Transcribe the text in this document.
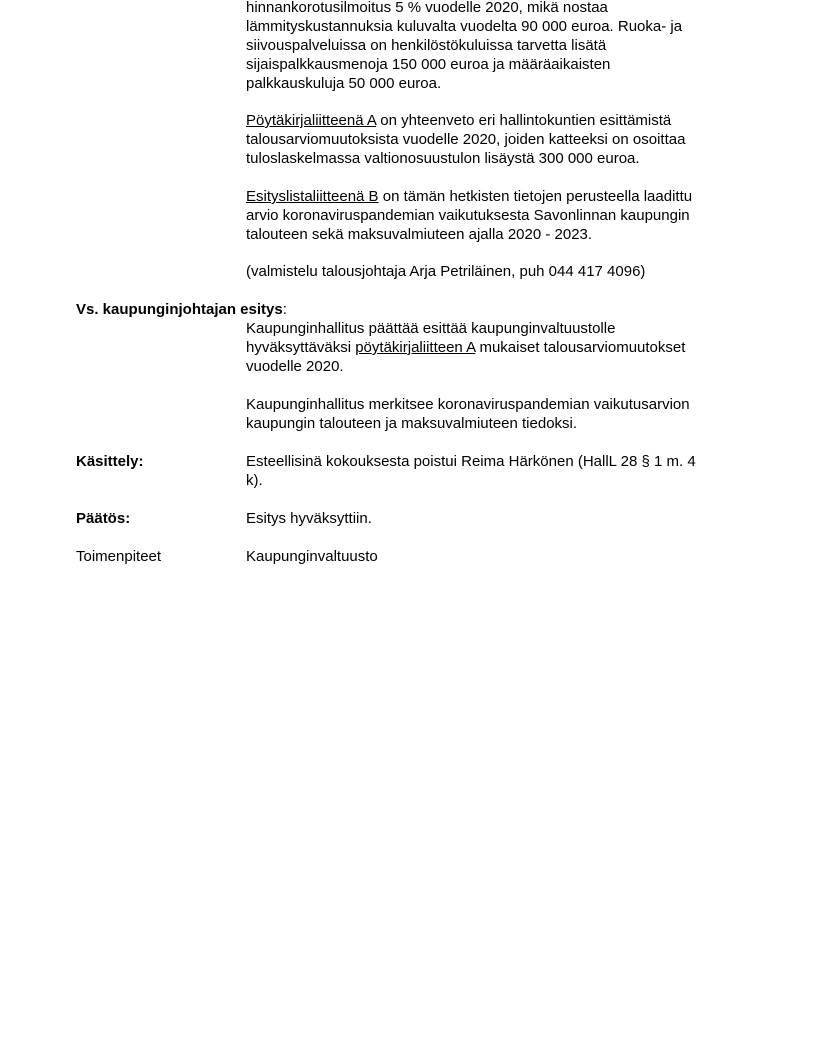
hinnankorotusilmoitus 5 % vuodelle 2020, mikä nostaa
lämmityskustannuksia kuluvalta vuodelta 90 000 euroa. Ruoka- ja
siivouspalveluissa on henkilöstökuluissa tarvetta lisätä
sijaispalkkausmenoja 150 000 euroa ja määräaikaisten
palkkauskuluja 50 000 euroa.
Pöytäkirjaliitteenä A on yhteenveto eri hallintokuntien esittämistä
talousarviomuutoksista vuodelle 2020, joiden katteeksi on osoittaa
tuloslaskelmassa valtionosuustulon lisäystä 300 000 euroa.
Esityslistaliitteenä B on tämän hetkisten tietojen perusteella laadittu
arvio koronaviruspandemian vaikutuksesta Savonlinnan kaupungin
talouteen sekä maksuvalmiuteen ajalla 2020 - 2023.
(valmistelu talousjohtaja Arja Petriläinen, puh 044 417 4096)

Vs. kaupunginjohtajan esitys:

Kaupunginhallitus päättää esittää kaupunginvaltuustolle
hyväksyttäväksi pöytäkirjaliitteen A mukaiset talousarviomuutokset
vuodelle 2020.
Kaupunginhallitus merkitsee koronaviruspandemian vaikutusarvion
kaupungin talouteen ja maksuvalmiuteen tiedoksi.

Käsittely:	Esteellisinä kokouksesta poistui Reima Härkönen (HallL 28 § 1 m. 4
k).

Päätös:	Esitys hyväksyttiin.

Toimenpiteet	Kaupunginvaltuusto
